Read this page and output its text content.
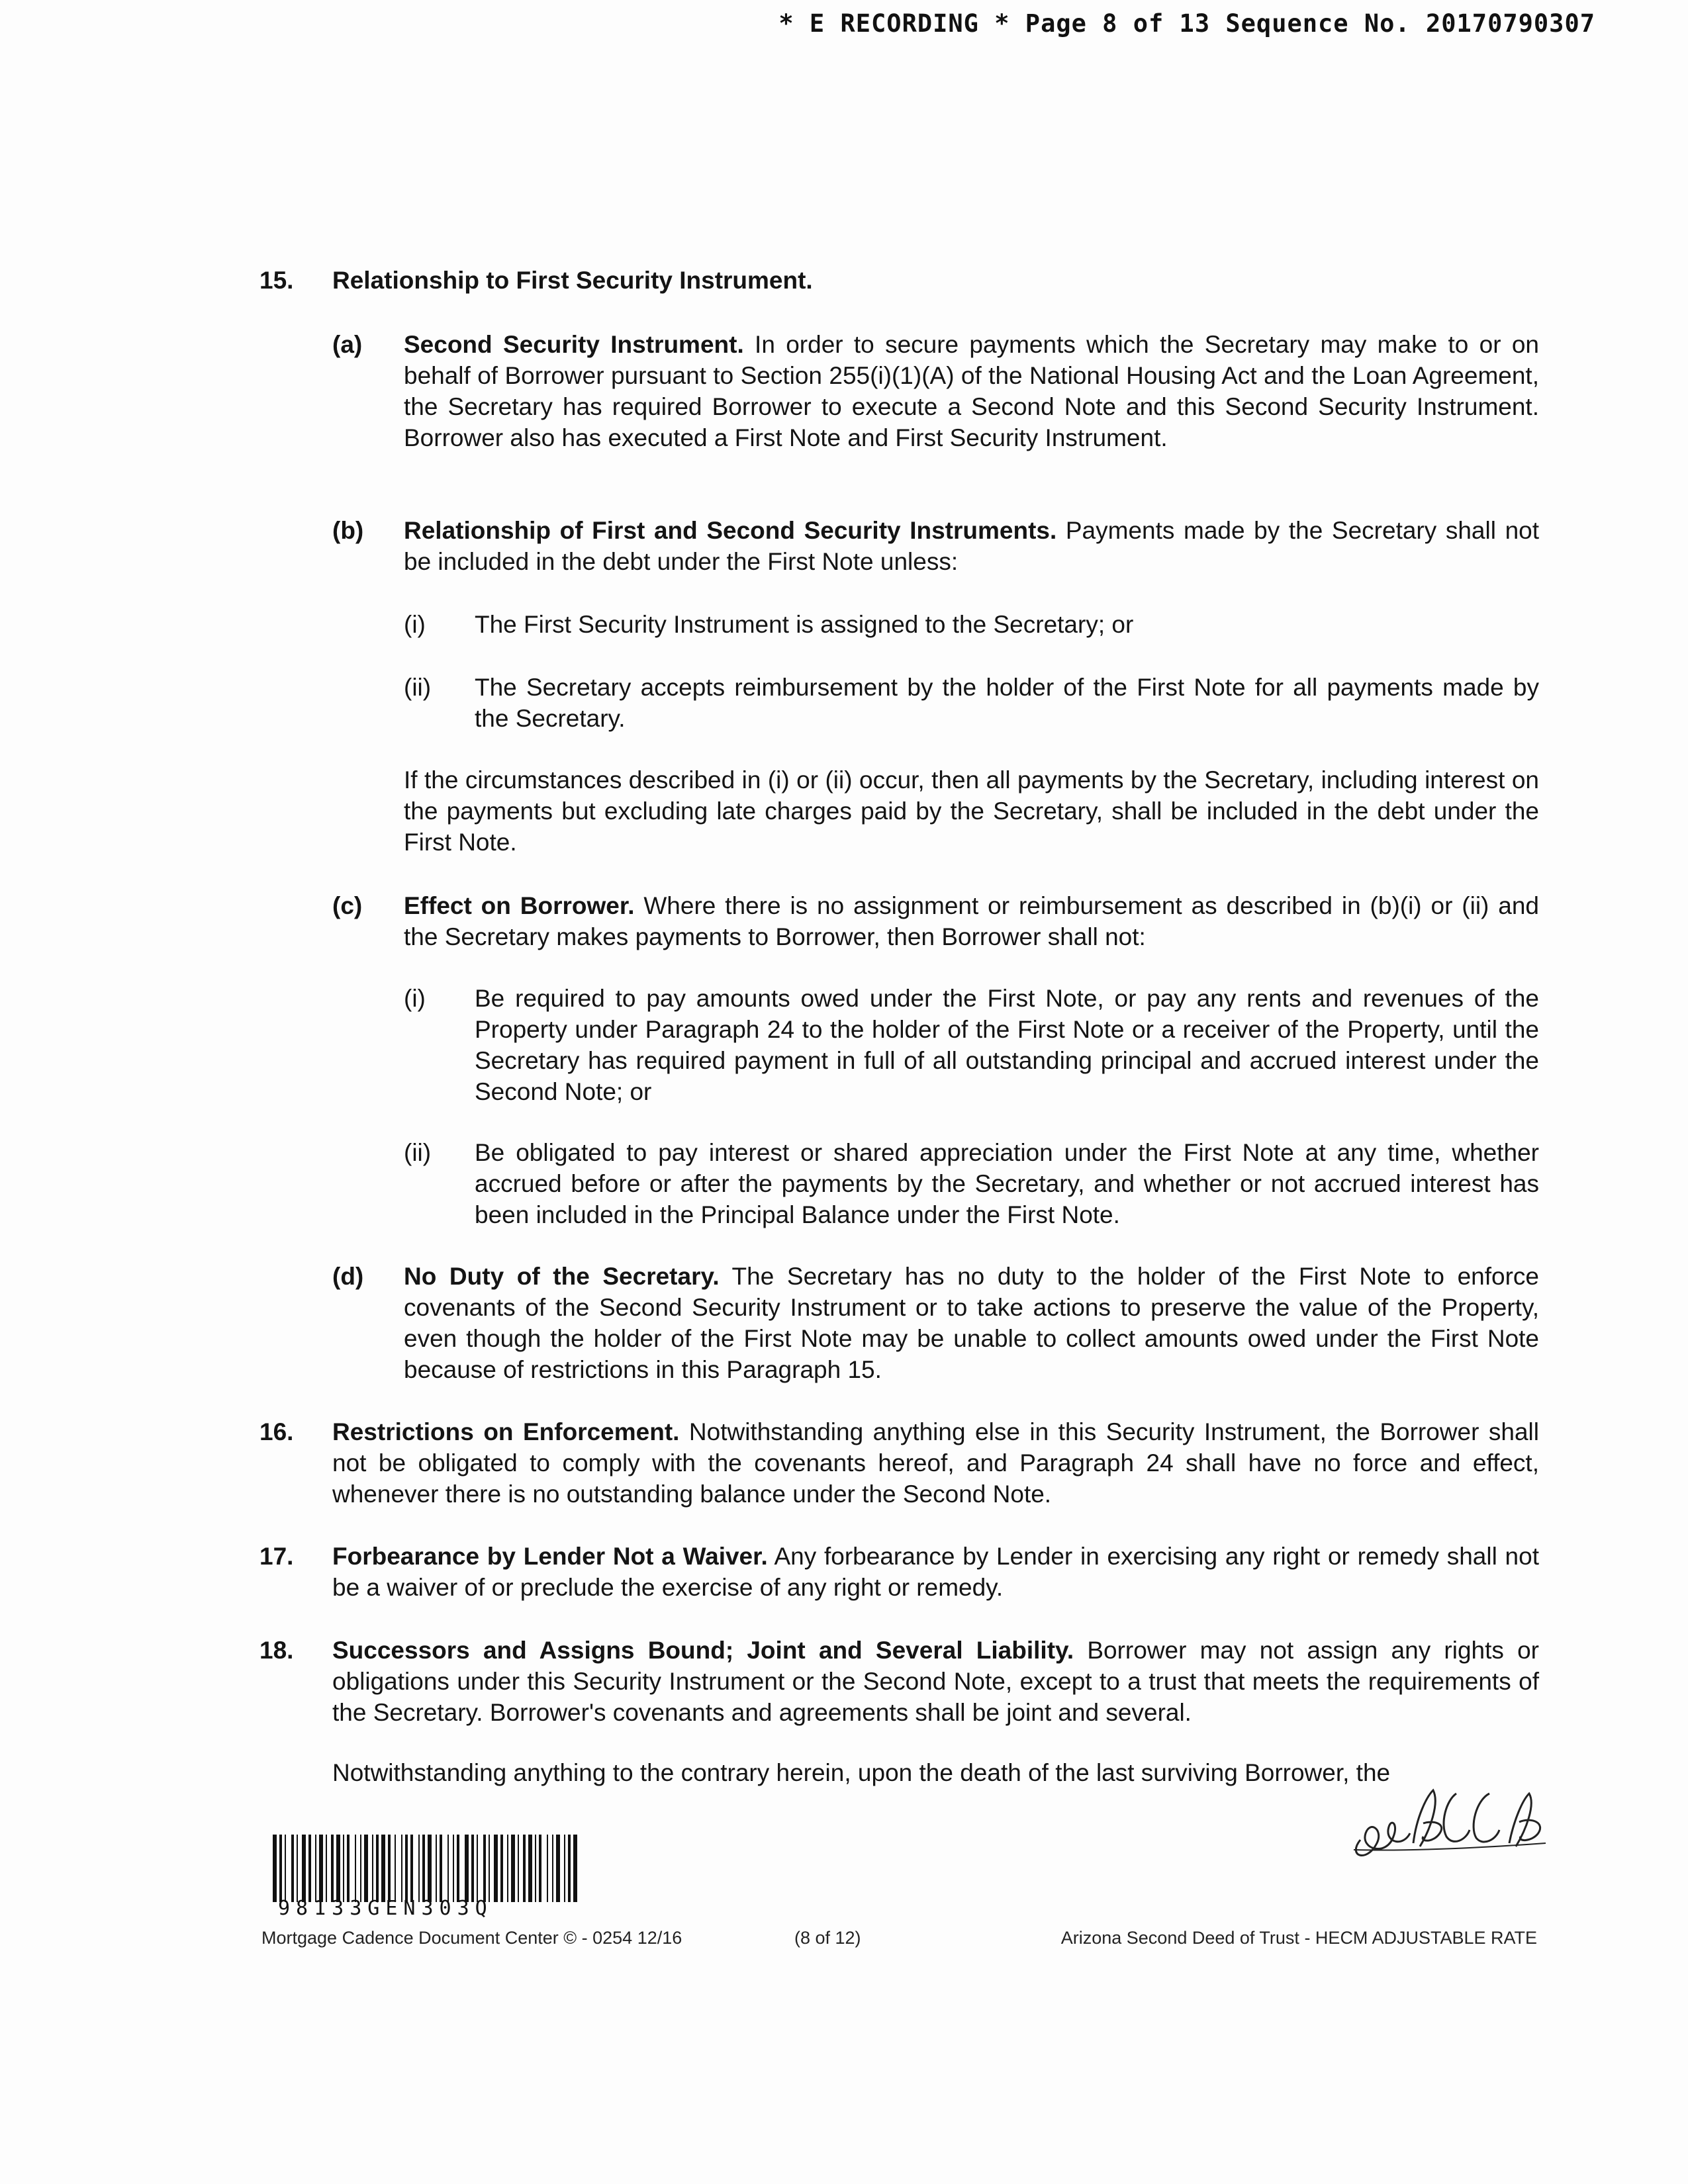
* E RECORDING * Page 8 of 13 Sequence No. 20170790307
15. Relationship to First Security Instrument.
(a) Second Security Instrument. In order to secure payments which the Secretary may make to or on behalf of Borrower pursuant to Section 255(i)(1)(A) of the National Housing Act and the Loan Agreement, the Secretary has required Borrower to execute a Second Note and this Second Security Instrument. Borrower also has executed a First Note and First Security Instrument.
(b) Relationship of First and Second Security Instruments. Payments made by the Secretary shall not be included in the debt under the First Note unless:
(i) The First Security Instrument is assigned to the Secretary; or
(ii) The Secretary accepts reimbursement by the holder of the First Note for all payments made by the Secretary.
If the circumstances described in (i) or (ii) occur, then all payments by the Secretary, including interest on the payments but excluding late charges paid by the Secretary, shall be included in the debt under the First Note.
(c) Effect on Borrower. Where there is no assignment or reimbursement as described in (b)(i) or (ii) and the Secretary makes payments to Borrower, then Borrower shall not:
(i) Be required to pay amounts owed under the First Note, or pay any rents and revenues of the Property under Paragraph 24 to the holder of the First Note or a receiver of the Property, until the Secretary has required payment in full of all outstanding principal and accrued interest under the Second Note; or
(ii) Be obligated to pay interest or shared appreciation under the First Note at any time, whether accrued before or after the payments by the Secretary, and whether or not accrued interest has been included in the Principal Balance under the First Note.
(d) No Duty of the Secretary. The Secretary has no duty to the holder of the First Note to enforce covenants of the Second Security Instrument or to take actions to preserve the value of the Property, even though the holder of the First Note may be unable to collect amounts owed under the First Note because of restrictions in this Paragraph 15.
16. Restrictions on Enforcement. Notwithstanding anything else in this Security Instrument, the Borrower shall not be obligated to comply with the covenants hereof, and Paragraph 24 shall have no force and effect, whenever there is no outstanding balance under the Second Note.
17. Forbearance by Lender Not a Waiver. Any forbearance by Lender in exercising any right or remedy shall not be a waiver of or preclude the exercise of any right or remedy.
18. Successors and Assigns Bound; Joint and Several Liability. Borrower may not assign any rights or obligations under this Security Instrument or the Second Note, except to a trust that meets the requirements of the Secretary. Borrower's covenants and agreements shall be joint and several.
Notwithstanding anything to the contrary herein, upon the death of the last surviving Borrower, the
98133GEN303Q
Mortgage Cadence Document Center © - 0254 12/16	(8 of 12)	Arizona Second Deed of Trust - HECM ADJUSTABLE RATE
